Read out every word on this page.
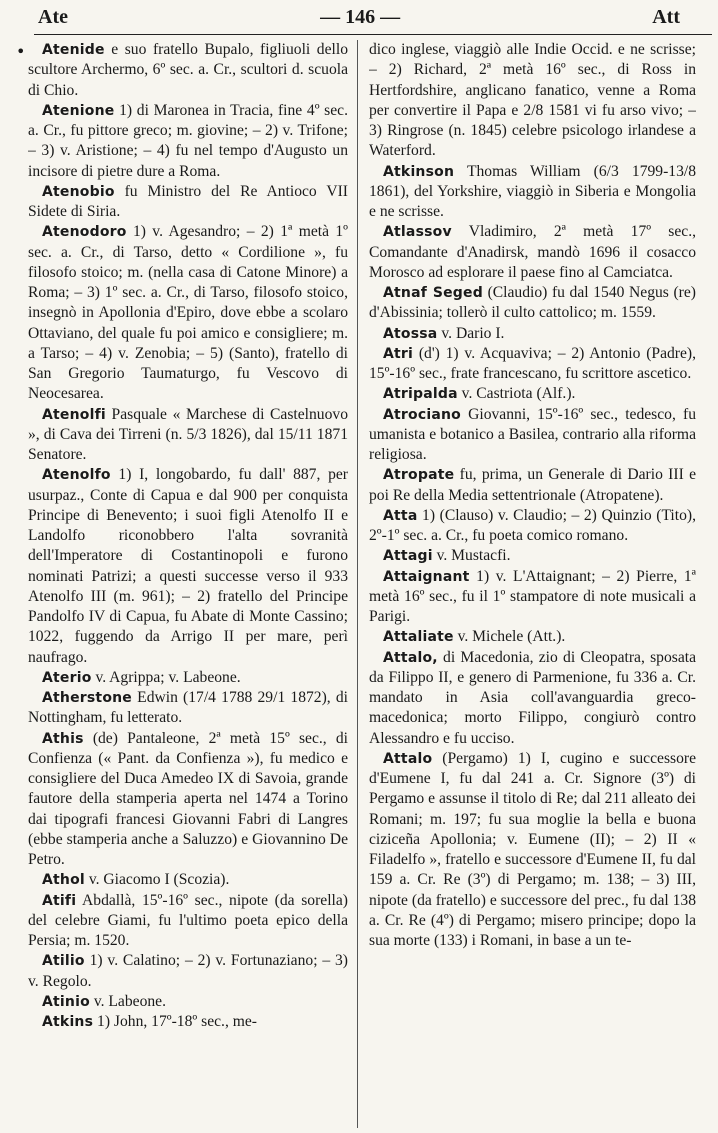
Ate	— 146 —	Att
•	Atenide e suo fratello Bupalo, figliuoli dello scultore Archermo, 6º sec. a. Cr., scultori d. scuola di Chio.

Atenione 1) di Maronea in Tracia, fine 4º sec. a. Cr., fu pittore greco; m. giovine; – 2) v. Trifone; – 3) v. Aristione; – 4) fu nel tempo d'Augusto un incisore di pietre dure a Roma.

Atenobio fu Ministro del Re Antioco VII Sidete di Siria.

Atenodoro 1) v. Agesandro; – 2) 1ª metà 1º sec. a. Cr., di Tarso, detto « Cordilione », fu filosofo stoico; m. (nella casa di Catone Minore) a Roma; – 3) 1º sec. a. Cr., di Tarso, filosofo stoico, insegnò in Apollonia d'Epiro, dove ebbe a scolaro Ottaviano, del quale fu poi amico e consigliere; m. a Tarso; – 4) v. Zenobia; – 5) (Santo), fratello di San Gregorio Taumaturgo, fu Vescovo di Neocesarea.

Atenolfi Pasquale « Marchese di Castelnuovo », di Cava dei Tirreni (n. 5/3 1826), dal 15/11 1871 Senatore.

Atenolfo 1) I, longobardo, fu dall' 887, per usurpaz., Conte di Capua e dal 900 per conquista Principe di Benevento; i suoi figli Atenolfo II e Landolfo riconobbero l'alta sovranità dell'Imperatore di Costantinopoli e furono nominati Patrizi; a questi successe verso il 933 Atenolfo III (m. 961); – 2) fratello del Principe Pandolfo IV di Capua, fu Abate di Monte Cassino; 1022, fuggendo da Arrigo II per mare, perì naufrago.

Aterio v. Agrippa; v. Labeone.

Atherstone Edwin (17/4 1788 29/1 1872), di Nottingham, fu letterato.

Athis (de) Pantaleone, 2ª metà 15º sec., di Confienza (« Pant. da Confienza »), fu medico e consigliere del Duca Amedeo IX di Savoia, grande fautore della stamperia aperta nel 1474 a Torino dai tipografi francesi Giovanni Fabri di Langres (ebbe stamperia anche a Saluzzo) e Giovannino De Petro.

Athol v. Giacomo I (Scozia).

Atifi Abdallà, 15º-16º sec., nipote (da sorella) del celebre Giami, fu l'ultimo poeta epico della Persia; m. 1520.

Atilio 1) v. Calatino; – 2) v. Fortunaziano; – 3) v. Regolo.

Atinio v. Labeone.

Atkins 1) John, 17º-18º sec., me-

dico inglese, viaggiò alle Indie Occid. e ne scrisse; – 2) Richard, 2ª metà 16º sec., di Ross in Hertfordshire, anglicano fanatico, venne a Roma per convertire il Papa e 2/8 1581 vi fu arso vivo; – 3) Ringrose (n. 1845) celebre psicologo irlandese a Waterford.

Atkinson Thomas William (6/3 1799-13/8 1861), del Yorkshire, viaggiò in Siberia e Mongolia e ne scrisse.

Atlassov Vladimiro, 2ª metà 17º sec., Comandante d'Anadirsk, mandò 1696 il cosacco Morosco ad esplorare il paese fino al Camciatca.

Atnaf Seged (Claudio) fu dal 1540 Negus (re) d'Abissinia; tollerò il culto cattolico; m. 1559.

Atossa v. Dario I.

Atri (d') 1) v. Acquaviva; – 2) Antonio (Padre), 15º-16º sec., frate francescano, fu scrittore ascetico.

Atripalda v. Castriota (Alf.).

Atrociano Giovanni, 15º-16º sec., tedesco, fu umanista e botanico a Basilea, contrario alla riforma religiosa.

Atropate fu, prima, un Generale di Dario III e poi Re della Media settentrionale (Atropatene).

Atta 1) (Clauso) v. Claudio; – 2) Quinzio (Tito), 2º-1º sec. a. Cr., fu poeta comico romano.

Attagi v. Mustacfi.

Attaignant 1) v. L'Attaignant; – 2) Pierre, 1ª metà 16º sec., fu il 1º stampatore di note musicali a Parigi.

Attaliate v. Michele (Att.).

Attalo, di Macedonia, zio di Cleopatra, sposata da Filippo II, e genero di Parmenione, fu 336 a. Cr. mandato in Asia coll'avanguardia greco-macedonica; morto Filippo, congiurò contro Alessandro e fu ucciso.

Attalo (Pergamo) 1) I, cugino e successore d'Eumene I, fu dal 241 a. Cr. Signore (3º) di Pergamo e assunse il titolo di Re; dal 211 alleato dei Romani; m. 197; fu sua moglie la bella e buona ciziceña Apollonia; v. Eumene (II); – 2) II « Filadelfo », fratello e successore d'Eumene II, fu dal 159 a. Cr. Re (3º) di Pergamo; m. 138; – 3) III, nipote (da fratello) e successore del prec., fu dal 138 a. Cr. Re (4º) di Pergamo; misero principe; dopo la sua morte (133) i Romani, in base a un te-
